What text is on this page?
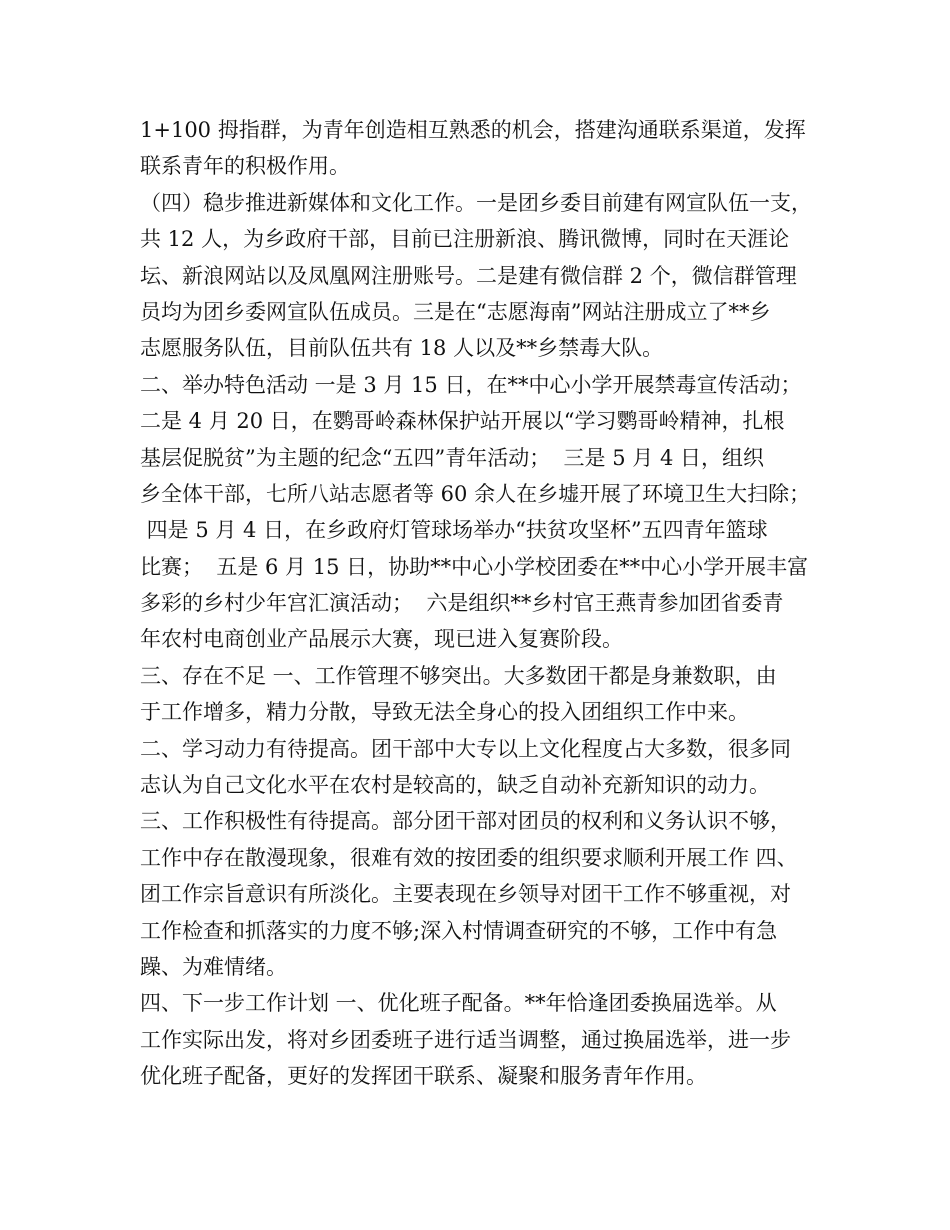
1+100 拇指群，为青年创造相互熟悉的机会，搭建沟通联系渠道，发挥
联系青年的积极作用。
（四）稳步推进新媒体和文化工作。一是团乡委目前建有网宣队伍一支，
共 12 人，为乡政府干部，目前已注册新浪、腾讯微博，同时在天涯论
坛、新浪网站以及凤凰网注册账号。二是建有微信群 2 个，微信群管理
员均为团乡委网宣队伍成员。三是在“志愿海南”网站注册成立了**乡
志愿服务队伍，目前队伍共有 18 人以及**乡禁毒大队。
二、举办特色活动 一是 3 月 15 日，在**中心小学开展禁毒宣传活动；
二是 4 月 20 日，在鹦哥岭森林保护站开展以“学习鹦哥岭精神，扎根
基层促脱贫”为主题的纪念“五四”青年活动；  三是 5 月 4 日，组织
乡全体干部，七所八站志愿者等 60 余人在乡墟开展了环境卫生大扫除；
四是 5 月 4 日，在乡政府灯管球场举办“扶贫攻坚杯”五四青年篮球
比赛；  五是 6 月 15 日，协助**中心小学校团委在**中心小学开展丰富
多彩的乡村少年宫汇演活动；  六是组织**乡村官王燕青参加团省委青
年农村电商创业产品展示大赛，现已进入复赛阶段。
三、存在不足 一、工作管理不够突出。大多数团干都是身兼数职，由
于工作增多，精力分散，导致无法全身心的投入团组织工作中来。
二、学习动力有待提高。团干部中大专以上文化程度占大多数，很多同
志认为自己文化水平在农村是较高的，缺乏自动补充新知识的动力。
三、工作积极性有待提高。部分团干部对团员的权利和义务认识不够，
工作中存在散漫现象，很难有效的按团委的组织要求顺利开展工作 四、
团工作宗旨意识有所淡化。主要表现在乡领导对团干工作不够重视，对
工作检查和抓落实的力度不够;深入村情调查研究的不够，工作中有急
躁、为难情绪。
四、下一步工作计划 一、优化班子配备。**年恰逢团委换届选举。从
工作实际出发，将对乡团委班子进行适当调整，通过换届选举，进一步
优化班子配备，更好的发挥团干联系、凝聚和服务青年作用。
